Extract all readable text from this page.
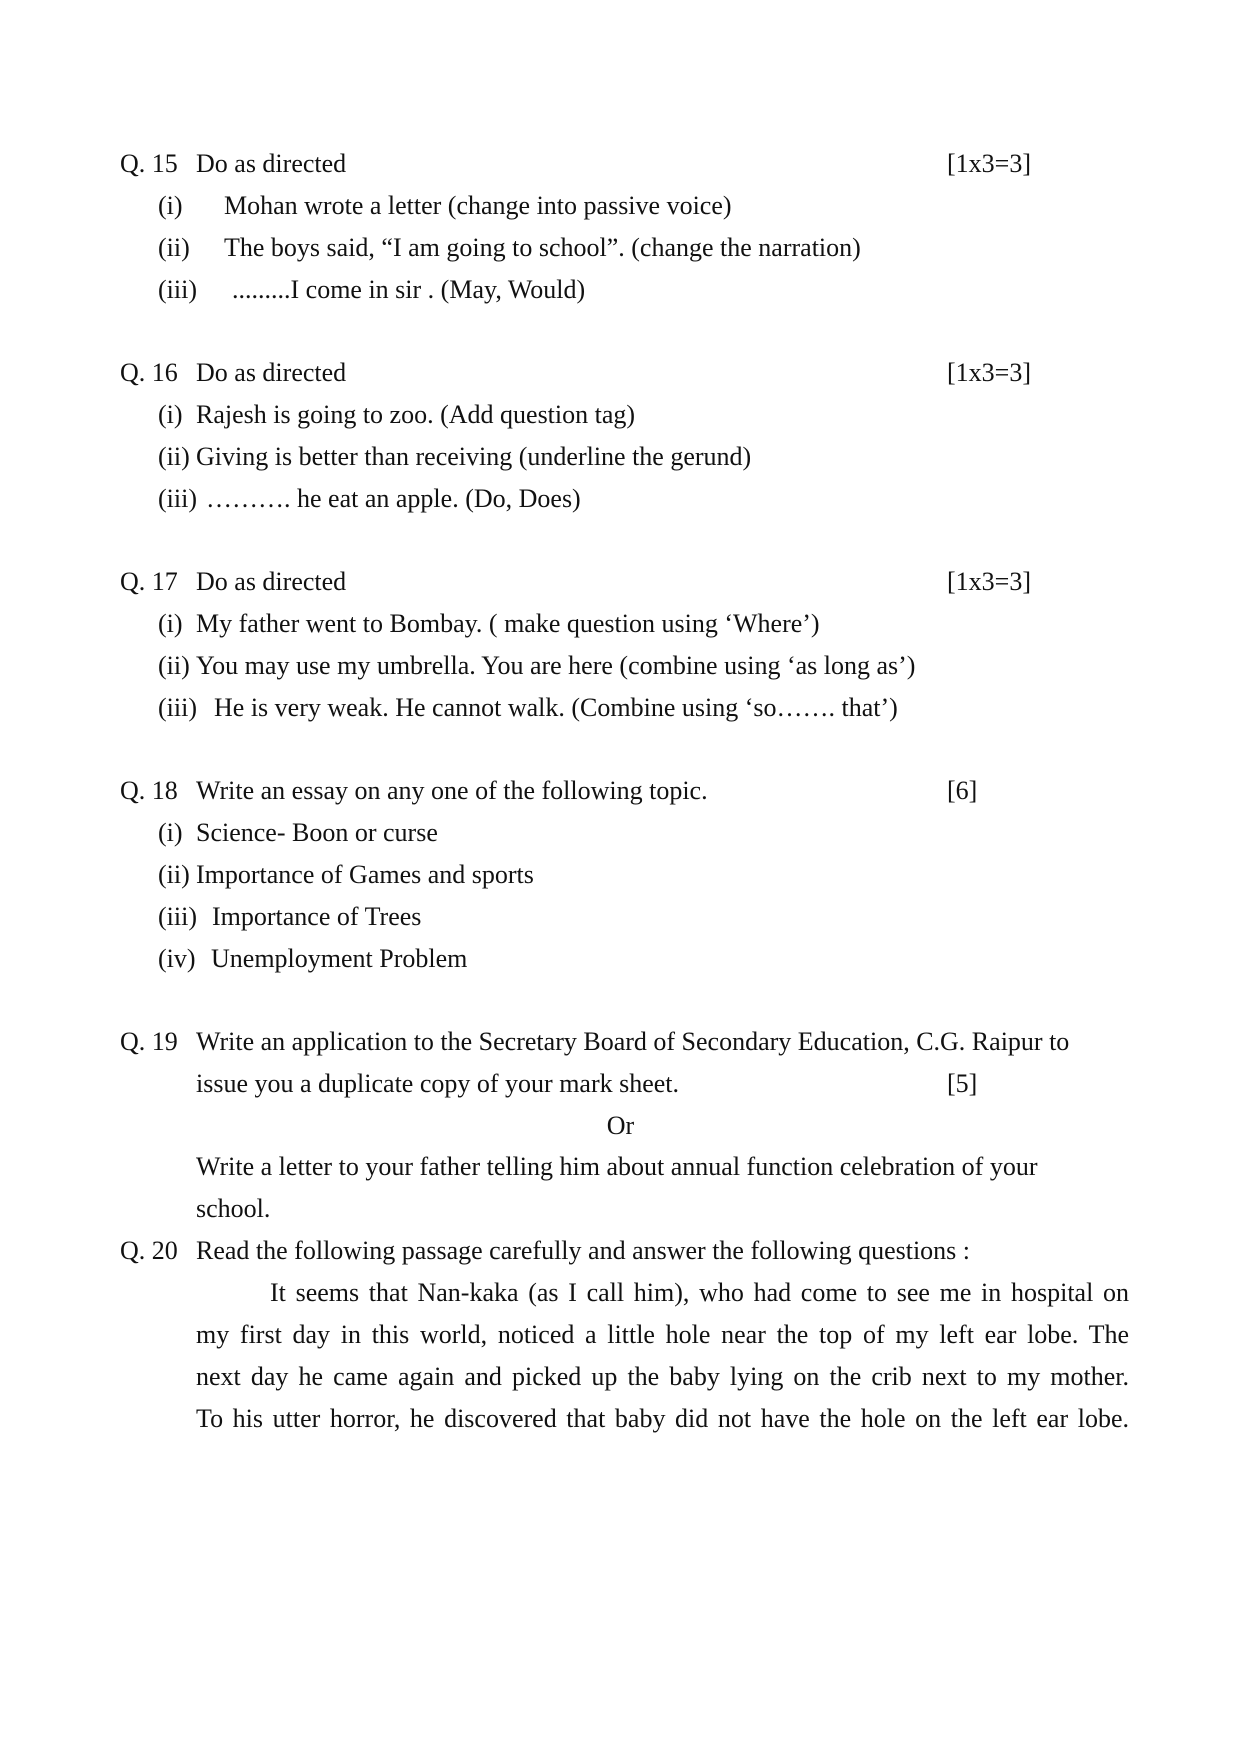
Q. 15 Do as directed	[1x3=3]
(i) Mohan wrote a letter (change into passive voice)
(ii) The boys said, “I am going to school”. (change the narration)
(iii) .........I come in sir . (May, Would)
Q. 16 Do as directed	[1x3=3]
(i) Rajesh is going to zoo. (Add question tag)
(ii) Giving is better than receiving (underline the gerund)
(iii) ………. he eat an apple. (Do, Does)
Q. 17 Do as directed	[1x3=3]
(i) My father went to Bombay. ( make question using ‘Where’)
(ii) You may use my umbrella. You are here (combine using ‘as long as’)
(iii) He is very weak. He cannot walk. (Combine using ‘so……. that’)
Q. 18 Write an essay on any one of the following topic.	[6]
(i) Science- Boon or curse
(ii) Importance of Games and sports
(iii) Importance of Trees
(iv) Unemployment Problem
Q. 19 Write an application to the Secretary Board of Secondary Education, C.G. Raipur to
issue you a duplicate copy of your mark sheet.	[5]
Or
Write a letter to your father telling him about annual function celebration of your
school.
Q. 20 Read the following passage carefully and answer the following questions :
It seems that Nan-kaka (as I call him), who had come to see me in hospital on
my first day in this world, noticed a little hole near the top of my left ear lobe. The
next day he came again and picked up the baby lying on the crib next to my mother.
To his utter horror, he discovered that baby did not have the hole on the left ear lobe.
